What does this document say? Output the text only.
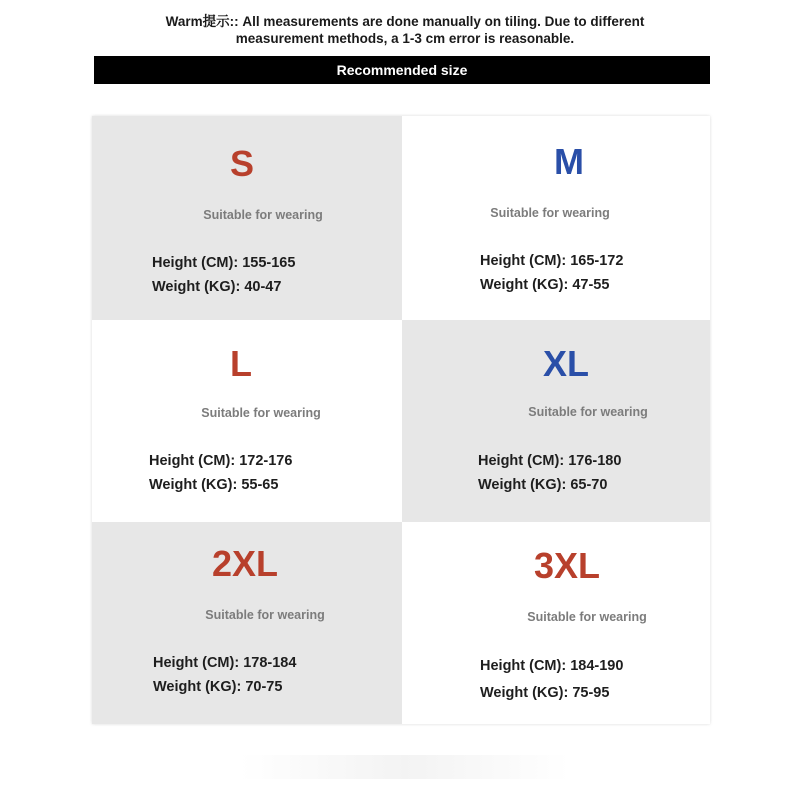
Warm提示:: All measurements are done manually on tiling. Due to different
measurement methods, a 1-3 cm error is reasonable.
Recommended size
S
Suitable for wearing
Height (CM): 155-165
Weight (KG): 40-47
M
Suitable for wearing
Height (CM): 165-172
Weight (KG): 47-55
L
Suitable for wearing
Height (CM): 172-176
Weight (KG): 55-65
XL
Suitable for wearing
Height (CM): 176-180
Weight (KG): 65-70
2XL
Suitable for wearing
Height (CM): 178-184
Weight (KG): 70-75
3XL
Suitable for wearing
Height (CM): 184-190
Weight (KG): 75-95
